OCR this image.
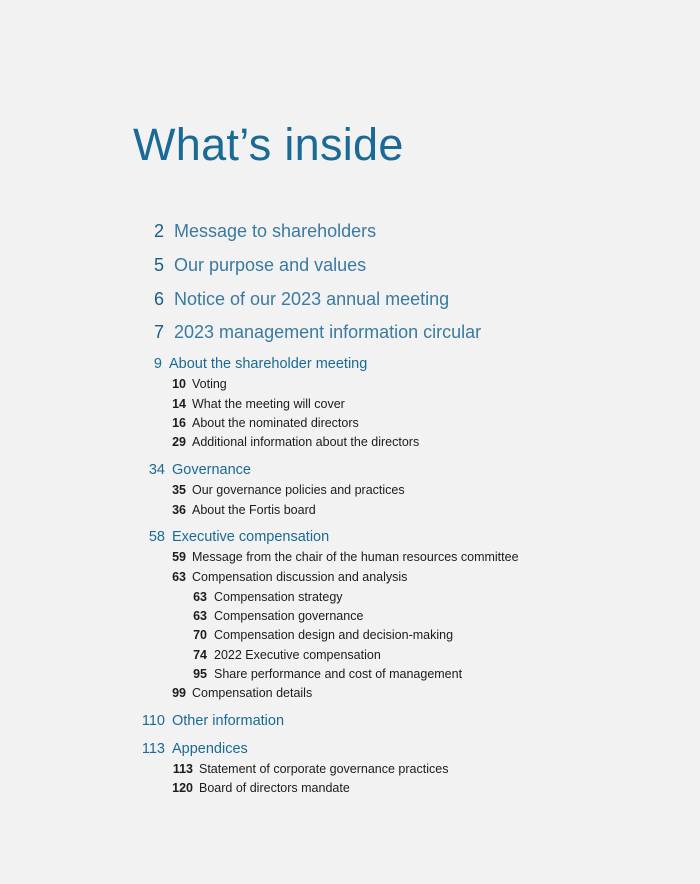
What’s inside
2 Message to shareholders
5 Our purpose and values
6 Notice of our 2023 annual meeting
7 2023 management information circular
9 About the shareholder meeting
10 Voting
14 What the meeting will cover
16 About the nominated directors
29 Additional information about the directors
34 Governance
35 Our governance policies and practices
36 About the Fortis board
58 Executive compensation
59 Message from the chair of the human resources committee
63 Compensation discussion and analysis
63 Compensation strategy
63 Compensation governance
70 Compensation design and decision-making
74 2022 Executive compensation
95 Share performance and cost of management
99 Compensation details
110 Other information
113 Appendices
113 Statement of corporate governance practices
120 Board of directors mandate
